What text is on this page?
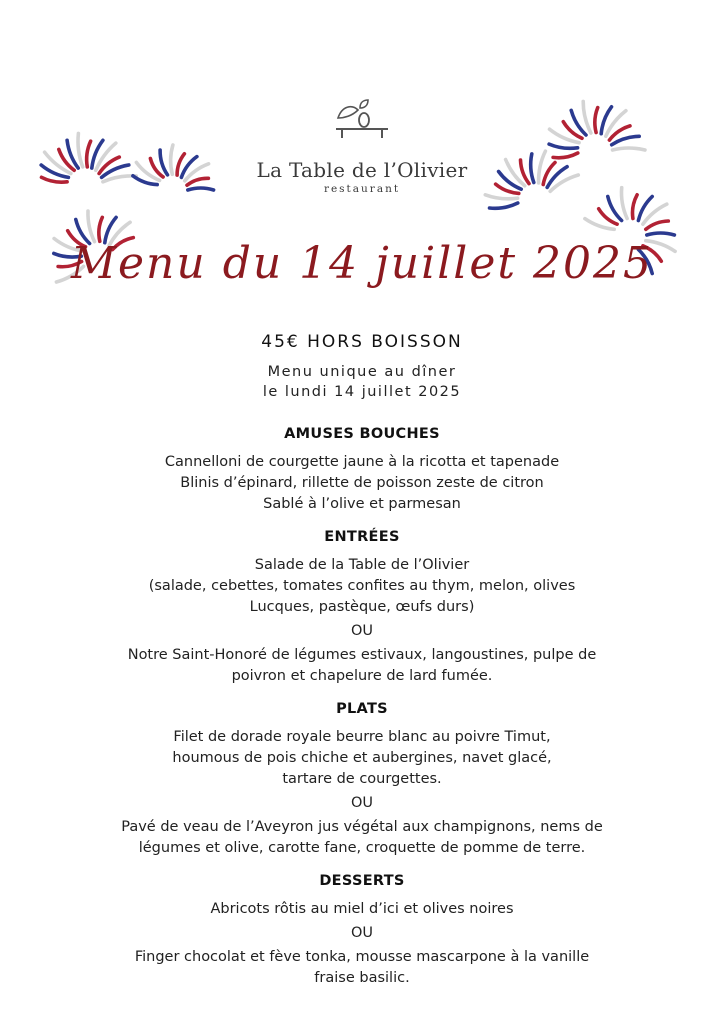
La Table de l’Olivier
restaurant
Menu du 14 juillet 2025
45€ HORS BOISSON
Menu unique au dîner
le lundi 14 juillet 2025
AMUSES BOUCHES
Cannelloni de courgette jaune à la ricotta et tapenade
Blinis d’épinard, rillette de poisson zeste de citron
Sablé à l’olive et parmesan
ENTRÉES
Salade de la Table de l’Olivier
(salade, cebettes, tomates confites au thym, melon, olives
Lucques, pastèque, œufs durs)
OU
Notre Saint-Honoré de légumes estivaux, langoustines, pulpe de
poivron et chapelure de lard fumée.
PLATS
Filet de dorade royale beurre blanc au poivre Timut,
houmous de pois chiche et aubergines, navet glacé,
tartare de courgettes.
OU
Pavé de veau de l’Aveyron jus végétal aux champignons, nems de
légumes et olive, carotte fane, croquette de pomme de terre.
DESSERTS
Abricots rôtis au miel d’ici et olives noires
OU
Finger chocolat et fève tonka, mousse mascarpone à la vanille
fraise basilic.
